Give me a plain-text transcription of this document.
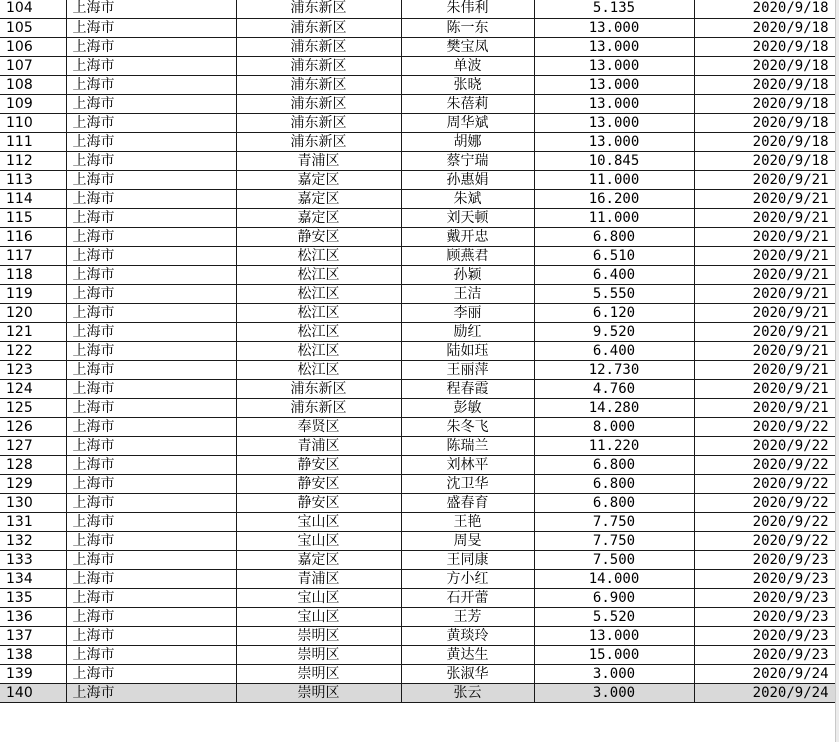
104	上海市	浦东新区	朱伟利	5.135	2020/9/18
105	上海市	浦东新区	陈一东	13.000	2020/9/18
106	上海市	浦东新区	樊宝凤	13.000	2020/9/18
107	上海市	浦东新区	单波	13.000	2020/9/18
108	上海市	浦东新区	张晓	13.000	2020/9/18
109	上海市	浦东新区	朱蓓莉	13.000	2020/9/18
110	上海市	浦东新区	周华斌	13.000	2020/9/18
111	上海市	浦东新区	胡娜	13.000	2020/9/18
112	上海市	青浦区	蔡宁瑞	10.845	2020/9/18
113	上海市	嘉定区	孙惠娟	11.000	2020/9/21
114	上海市	嘉定区	朱斌	16.200	2020/9/21
115	上海市	嘉定区	刘天顿	11.000	2020/9/21
116	上海市	静安区	戴开忠	6.800	2020/9/21
117	上海市	松江区	顾燕君	6.510	2020/9/21
118	上海市	松江区	孙颖	6.400	2020/9/21
119	上海市	松江区	王洁	5.550	2020/9/21
120	上海市	松江区	李丽	6.120	2020/9/21
121	上海市	松江区	励红	9.520	2020/9/21
122	上海市	松江区	陆如珏	6.400	2020/9/21
123	上海市	松江区	王丽萍	12.730	2020/9/21
124	上海市	浦东新区	程春霞	4.760	2020/9/21
125	上海市	浦东新区	彭敏	14.280	2020/9/21
126	上海市	奉贤区	朱冬飞	8.000	2020/9/22
127	上海市	青浦区	陈瑞兰	11.220	2020/9/22
128	上海市	静安区	刘林平	6.800	2020/9/22
129	上海市	静安区	沈卫华	6.800	2020/9/22
130	上海市	静安区	盛春育	6.800	2020/9/22
131	上海市	宝山区	王艳	7.750	2020/9/22
132	上海市	宝山区	周旻	7.750	2020/9/22
133	上海市	嘉定区	王同康	7.500	2020/9/23
134	上海市	青浦区	方小红	14.000	2020/9/23
135	上海市	宝山区	石开蕾	6.900	2020/9/23
136	上海市	宝山区	王芳	5.520	2020/9/23
137	上海市	崇明区	黄琰玲	13.000	2020/9/23
138	上海市	崇明区	黄达生	15.000	2020/9/23
139	上海市	崇明区	张淑华	3.000	2020/9/24
140	上海市	崇明区	张云	3.000	2020/9/24
